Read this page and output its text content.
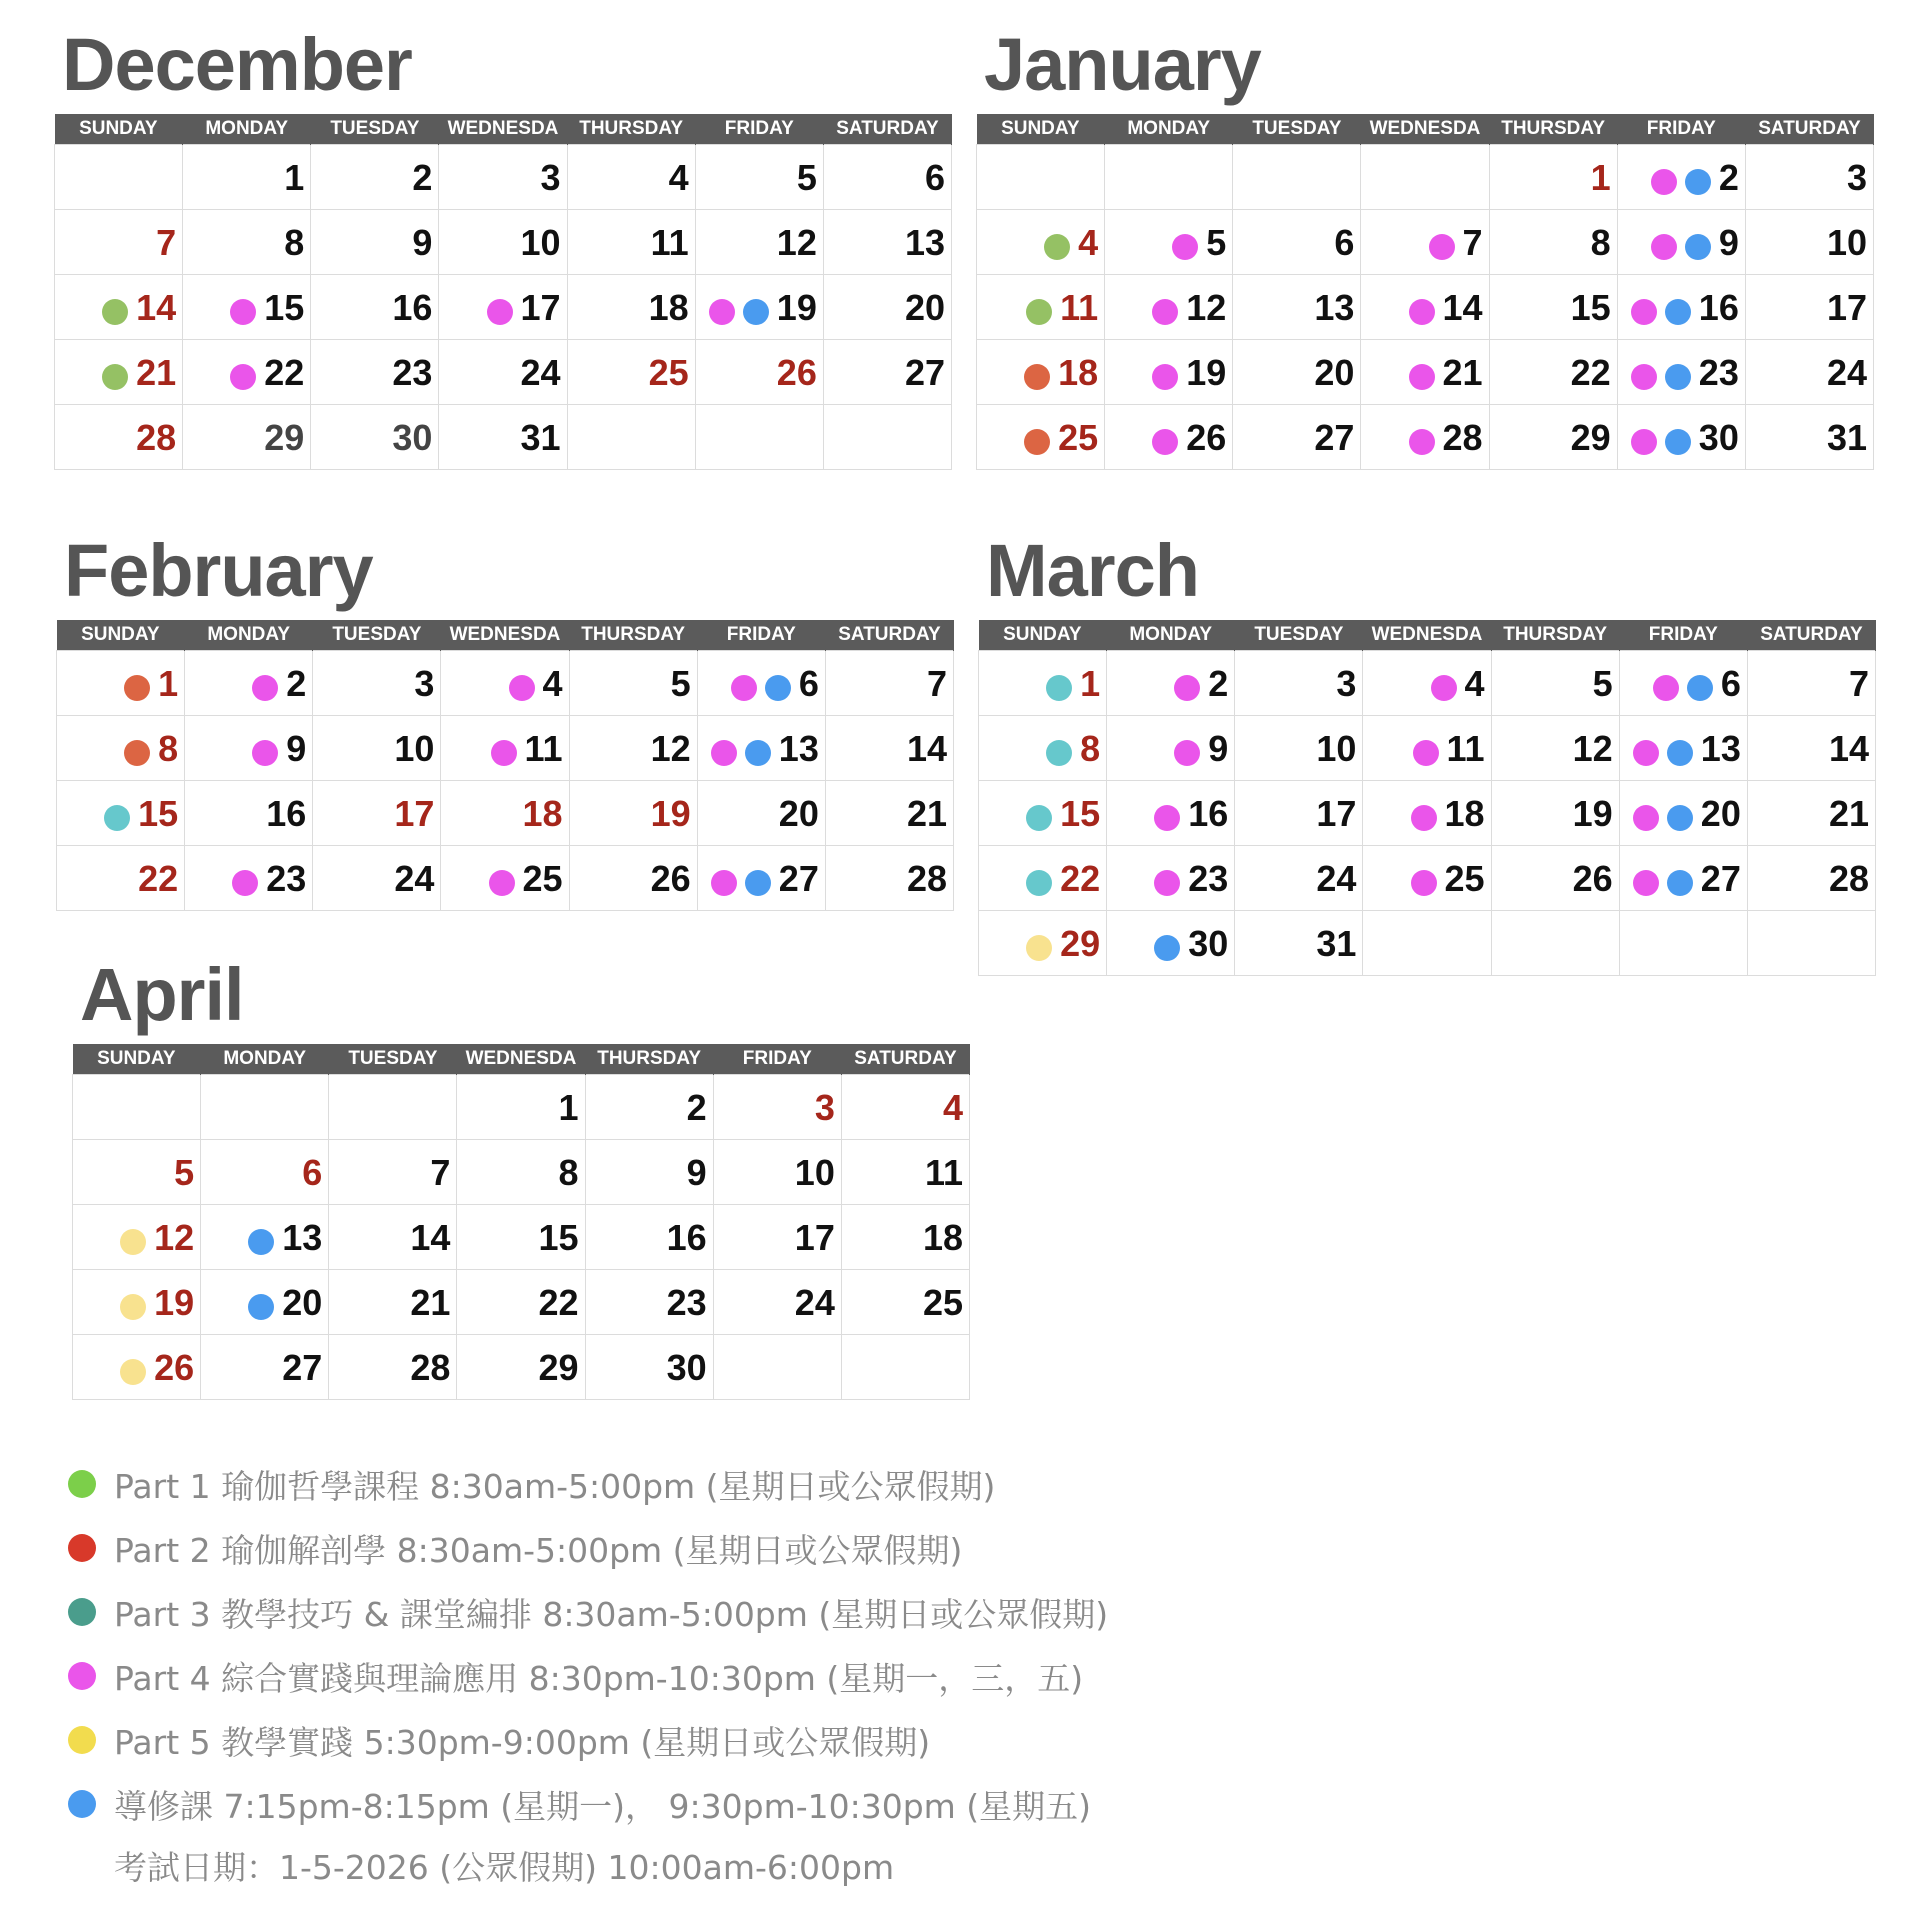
December
SUNDAY	MONDAY	TUESDAY	WEDNESDA	THURSDAY	FRIDAY	SATURDAY
	1	2	3	4	5	6
7	8	9	10	11	12	13
14	15	16	17	18	19	20
21	22	23	24	25	26	27
28	29	30	31			
January
SUNDAY	MONDAY	TUESDAY	WEDNESDA	THURSDAY	FRIDAY	SATURDAY
				1	2	3
4	5	6	7	8	9	10
11	12	13	14	15	16	17
18	19	20	21	22	23	24
25	26	27	28	29	30	31
February
SUNDAY	MONDAY	TUESDAY	WEDNESDA	THURSDAY	FRIDAY	SATURDAY
1	2	3	4	5	6	7
8	9	10	11	12	13	14
15	16	17	18	19	20	21
22	23	24	25	26	27	28
March
SUNDAY	MONDAY	TUESDAY	WEDNESDA	THURSDAY	FRIDAY	SATURDAY
1	2	3	4	5	6	7
8	9	10	11	12	13	14
15	16	17	18	19	20	21
22	23	24	25	26	27	28
29	30	31				
April
SUNDAY	MONDAY	TUESDAY	WEDNESDA	THURSDAY	FRIDAY	SATURDAY
			1	2	3	4
5	6	7	8	9	10	11
12	13	14	15	16	17	18
19	20	21	22	23	24	25
26	27	28	29	30		
Part 1 瑜伽哲學課程 8:30am-5:00pm (星期日或公眾假期)
Part 2 瑜伽解剖學 8:30am-5:00pm (星期日或公眾假期)
Part 3 教學技巧 & 課堂編排 8:30am-5:00pm (星期日或公眾假期)
Part 4 綜合實踐與理論應用 8:30pm-10:30pm (星期一，三，五)
Part 5 教學實踐 5:30pm-9:00pm (星期日或公眾假期)
導修課 7:15pm-8:15pm (星期一)， 9:30pm-10:30pm (星期五)
考試日期：1-5-2026 (公眾假期) 10:00am-6:00pm
